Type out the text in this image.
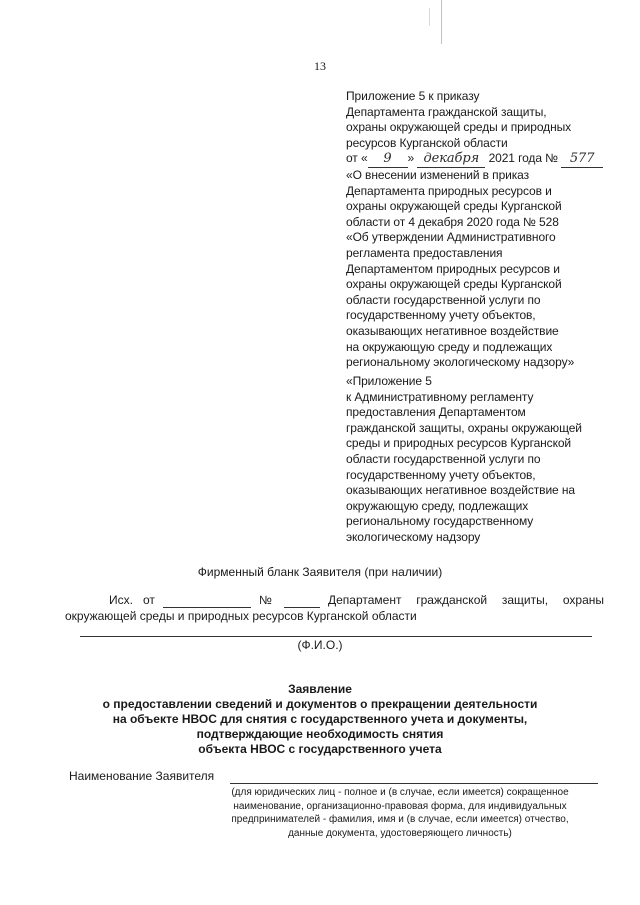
13
Приложение 5 к приказу
Департамента гражданской защиты,
охраны окружающей среды и природных
ресурсов Курганской области
от « 9 » декабря 2021 года № 577
«О внесении изменений в приказ
Департамента природных ресурсов и
охраны окружающей среды Курганской
области от 4 декабря 2020 года № 528
«Об утверждении Административного
регламента предоставления
Департаментом природных ресурсов и
охраны окружающей среды Курганской
области государственной услуги по
государственному учету объектов,
оказывающих негативное воздействие
на окружающую среду и подлежащих
региональному экологическому надзору»
«Приложение 5
к Административному регламенту
предоставления Департаментом
гражданской защиты, охраны окружающей
среды и природных ресурсов Курганской
области государственной услуги по
государственному учету объектов,
оказывающих негативное воздействие на
окружающую среду, подлежащих
региональному государственному
экологическому надзору
Фирменный бланк Заявителя (при наличии)
Исх. от	№	Департамент гражданской защиты, охраны
окружающей среды и природных ресурсов Курганской области
(Ф.И.О.)
Заявление
о предоставлении сведений и документов о прекращении деятельности
на объекте НВОС для снятия с государственного учета и документы,
подтверждающие необходимость снятия
объекта НВОС с государственного учета
Наименование Заявителя
(для юридических лиц - полное и (в случае, если имеется) сокращенное
наименование, организационно-правовая форма, для индивидуальных
предпринимателей - фамилия, имя и (в случае, если имеется) отчество,
данные документа, удостоверяющего личность)
